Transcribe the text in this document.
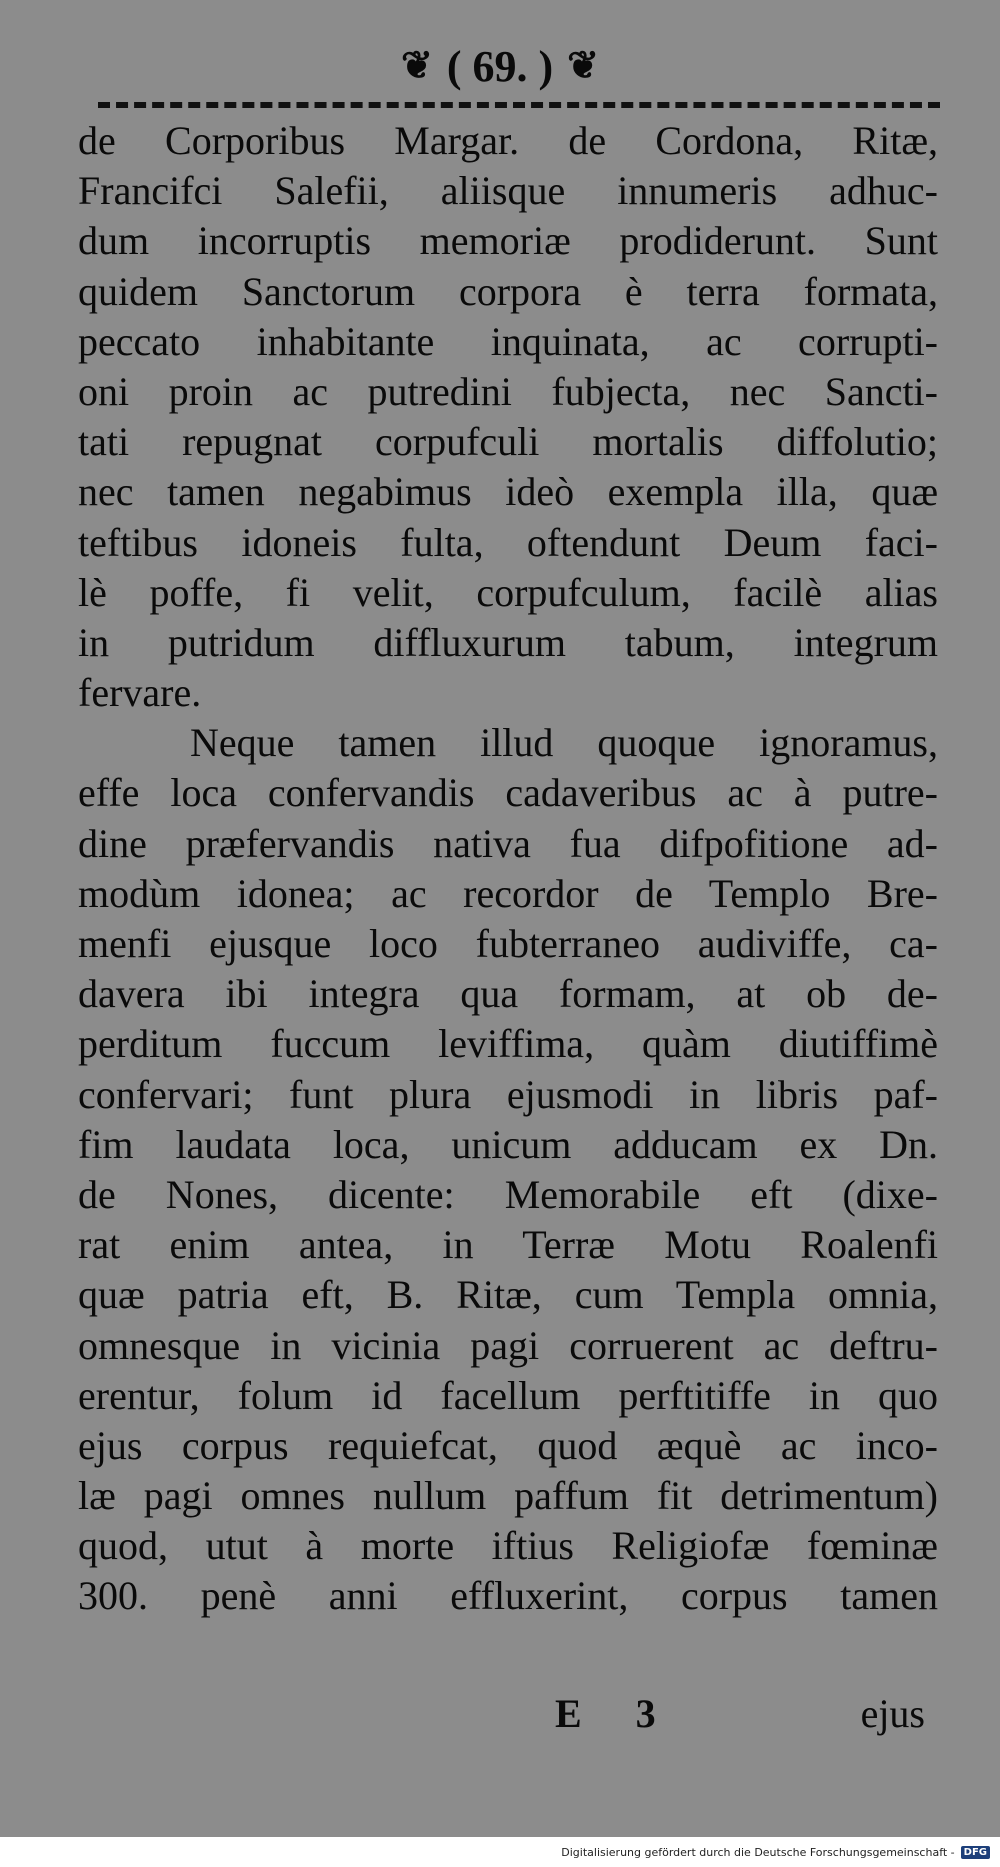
❦ ( 69. ) ❦
de Corporibus Margar. de Cordona, Ritæ,
Francifci Salefii, aliisque innumeris adhuc-
dum incorruptis memoriæ prodiderunt. Sunt
quidem Sanctorum corpora è terra formata,
peccato inhabitante inquinata, ac corrupti-
oni proin ac putredini fubjecta, nec Sancti-
tati repugnat corpufculi mortalis diffolutio;
nec tamen negabimus ideò exempla illa, quæ
teftibus idoneis fulta, oftendunt Deum faci-
lè poffe, fi velit, corpufculum, facilè alias
in putridum diffluxurum tabum, integrum
fervare.
Neque tamen illud quoque ignoramus,
effe loca confervandis cadaveribus ac à putre-
dine præfervandis nativa fua difpofitione ad-
modùm idonea; ac recordor de Templo Bre-
menfi ejusque loco fubterraneo audiviffe, ca-
davera ibi integra qua formam, at ob de-
perditum fuccum leviffima, quàm diutiffimè
confervari; funt plura ejusmodi in libris paf-
fim laudata loca, unicum adducam ex Dn.
de Nones, dicente: Memorabile eft (dixe-
rat enim antea, in Terræ Motu Roalenfi
quæ patria eft, B. Ritæ, cum Templa omnia,
omnesque in vicinia pagi corruerent ac deftru-
erentur, folum id facellum perftitiffe in quo
ejus corpus requiefcat, quod æquè ac inco-
læ pagi omnes nullum paffum fit detrimentum)
quod, utut à morte iftius Religiofæ fœminæ
300. penè anni effluxerint, corpus tamen
E 3	ejus
Digitalisierung gefördert durch die Deutsche Forschungsgemeinschaft - DFG
